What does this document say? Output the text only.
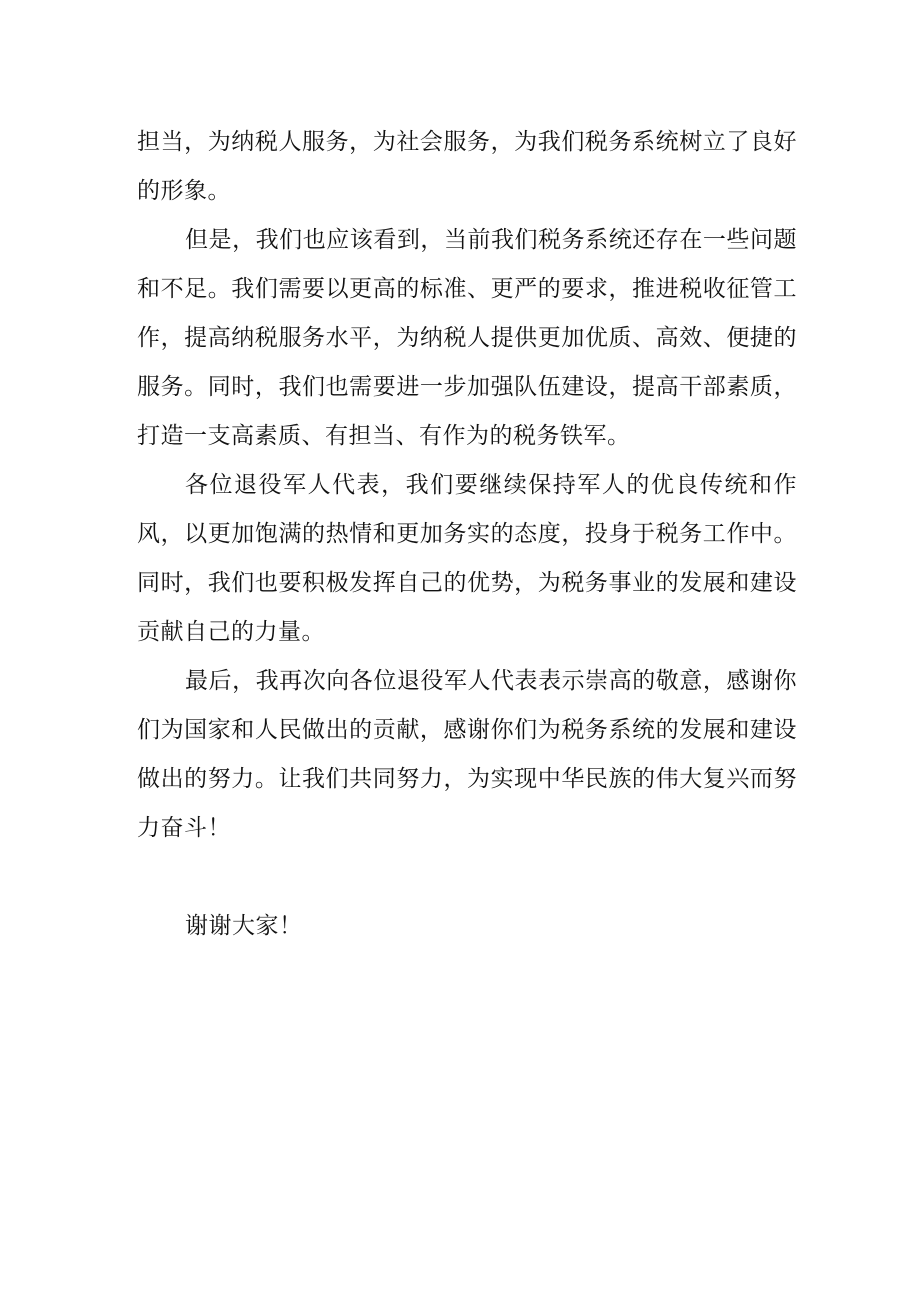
担当，为纳税人服务，为社会服务，为我们税务系统树立了良好的形象。

但是，我们也应该看到，当前我们税务系统还存在一些问题和不足。我们需要以更高的标准、更严的要求，推进税收征管工作，提高纳税服务水平，为纳税人提供更加优质、高效、便捷的服务。同时，我们也需要进一步加强队伍建设，提高干部素质，打造一支高素质、有担当、有作为的税务铁军。

各位退役军人代表，我们要继续保持军人的优良传统和作风，以更加饱满的热情和更加务实的态度，投身于税务工作中。同时，我们也要积极发挥自己的优势，为税务事业的发展和建设贡献自己的力量。

最后，我再次向各位退役军人代表表示崇高的敬意，感谢你们为国家和人民做出的贡献，感谢你们为税务系统的发展和建设做出的努力。让我们共同努力，为实现中华民族的伟大复兴而努力奋斗！

谢谢大家！
